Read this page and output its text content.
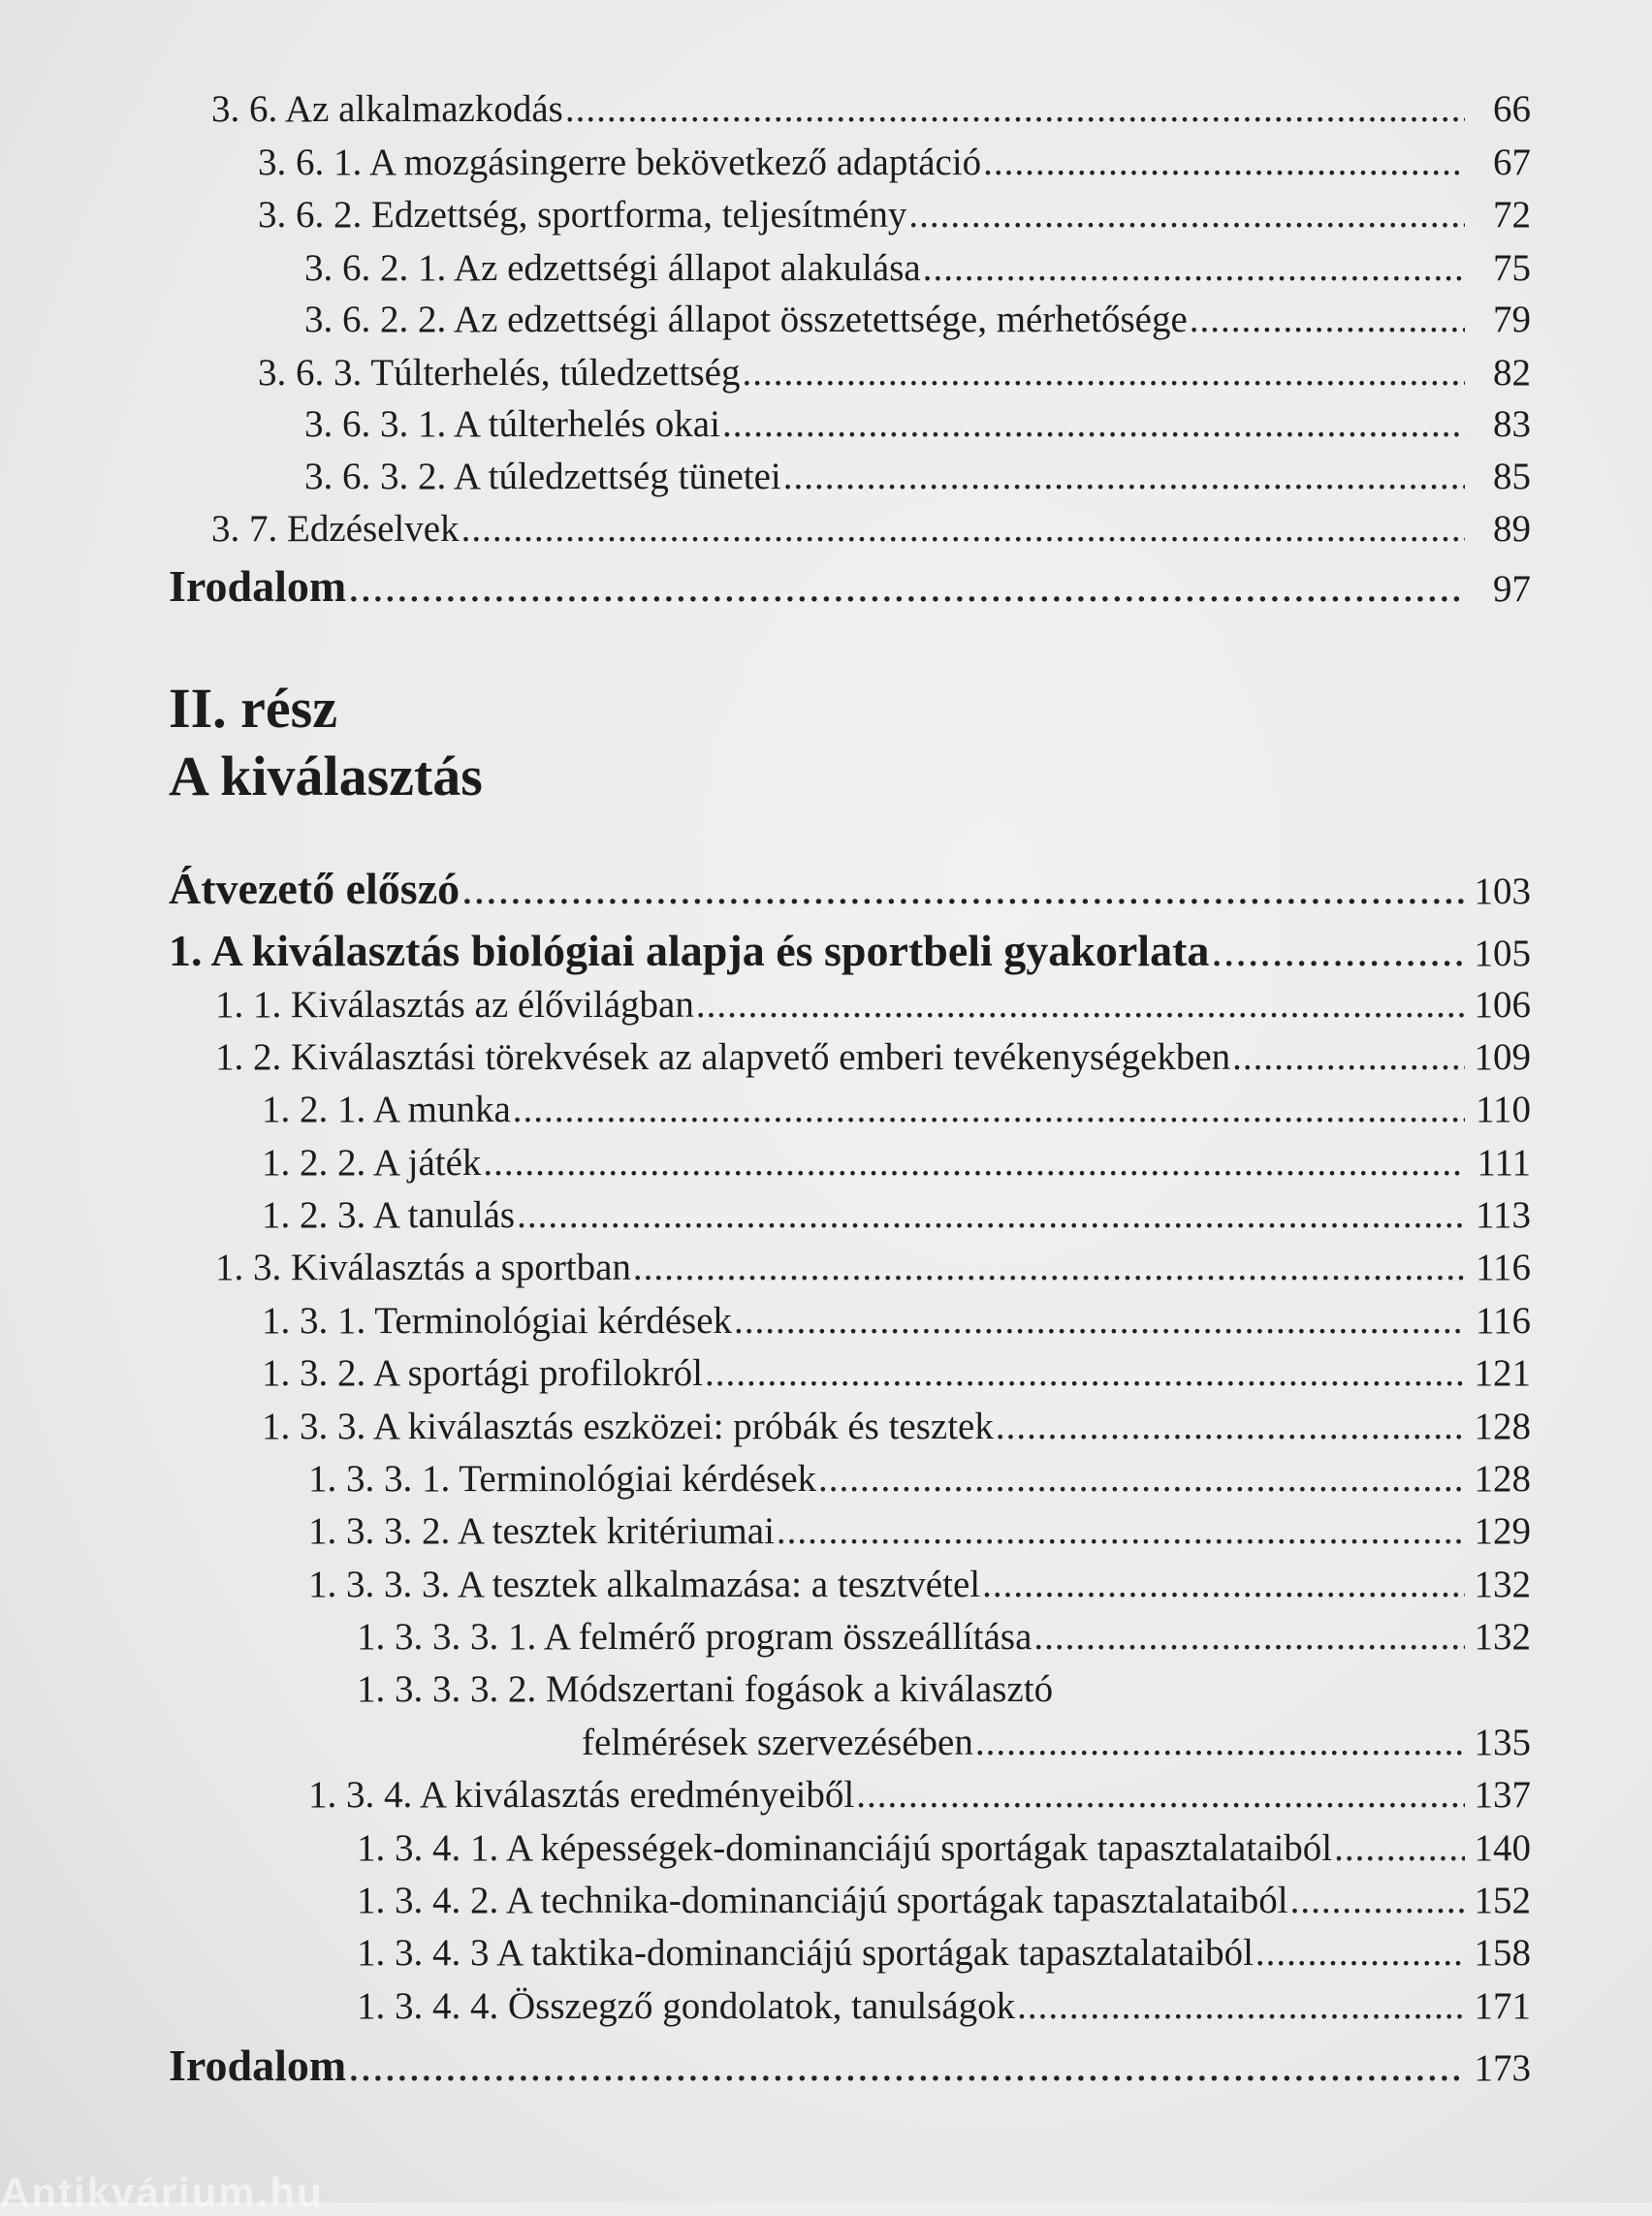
3. 6. Az alkalmazkodás .....	66
3. 6. 1. A mozgásingerre bekövetkező adaptáció .....	67
3. 6. 2. Edzettség, sportforma, teljesítmény .....	72
3. 6. 2. 1. Az edzettségi állapot alakulása .....	75
3. 6. 2. 2. Az edzettségi állapot összetettsége, mérhetősége .....	79
3. 6. 3. Túlterhelés, túledzettség .....	82
3. 6. 3. 1. A túlterhelés okai .....	83
3. 6. 3. 2. A túledzettség tünetei .....	85
3. 7. Edzéselvek .....	89
Irodalom .....	97
II. rész
A kiválasztás
Átvezető előszó .....	103
1. A kiválasztás biológiai alapja és sportbeli gyakorlata .....	105
1. 1. Kiválasztás az élővilágban .....	106
1. 2. Kiválasztási törekvések az alapvető emberi tevékenységekben .....	109
1. 2. 1. A munka .....	110
1. 2. 2. A játék .....	111
1. 2. 3. A tanulás .....	113
1. 3. Kiválasztás a sportban .....	116
1. 3. 1. Terminológiai kérdések .....	116
1. 3. 2. A sportági profilokról .....	121
1. 3. 3. A kiválasztás eszközei: próbák és tesztek .....	128
1. 3. 3. 1. Terminológiai kérdések .....	128
1. 3. 3. 2. A tesztek kritériumai .....	129
1. 3. 3. 3. A tesztek alkalmazása: a tesztvétel .....	132
1. 3. 3. 3. 1. A felmérő program összeállítása .....	132
1. 3. 3. 3. 2. Módszertani fogások a kiválasztó
felmérések szervezésében .....	135
1. 3. 4. A kiválasztás eredményeiből .....	137
1. 3. 4. 1. A képességek-dominanciájú sportágak tapasztalataiból .....	140
1. 3. 4. 2. A technika-dominanciájú sportágak tapasztalataiból .....	152
1. 3. 4. 3 A taktika-dominanciájú sportágak tapasztalataiból .....	158
1. 3. 4. 4. Összegző gondolatok, tanulságok .....	171
Irodalom .....	173
Antikvárium.hu
